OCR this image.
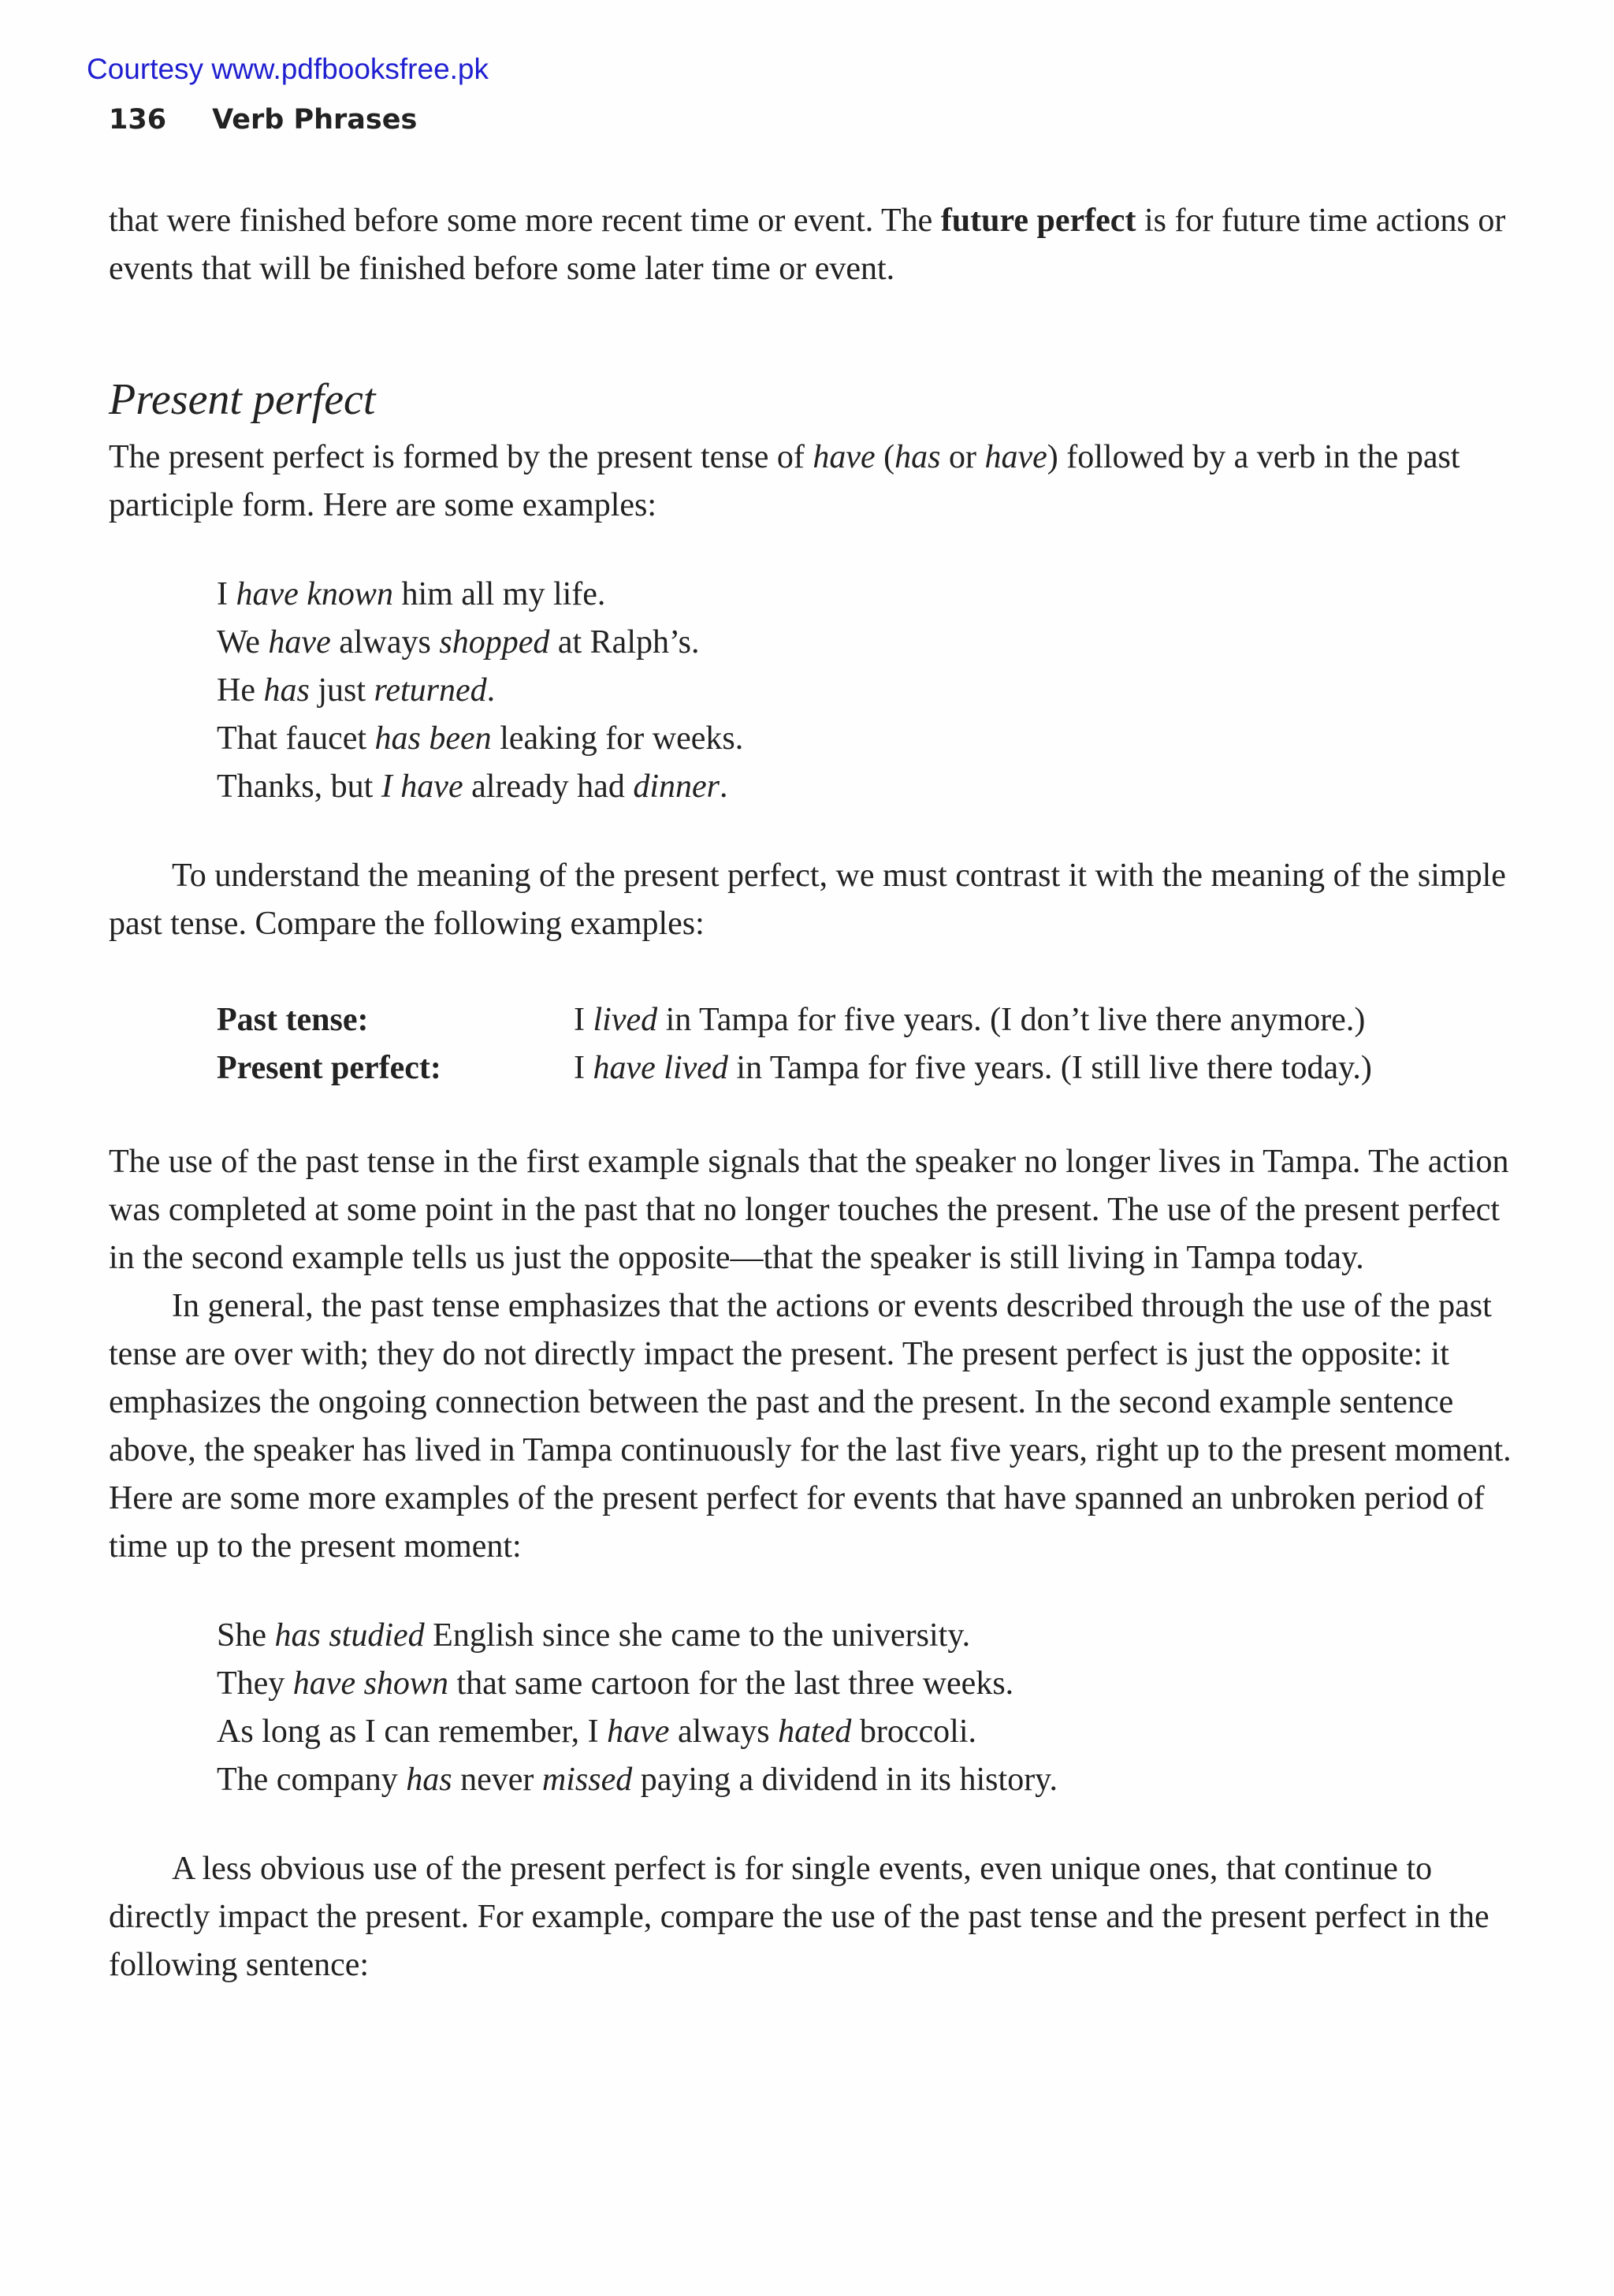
Courtesy www.pdfbooksfree.pk
136 Verb Phrases

that were finished before some more recent time or event. The future perfect is for future time actions or events that will be finished before some later time or event.

Present perfect

The present perfect is formed by the present tense of have (has or have) followed by a verb in the past participle form. Here are some examples:

I have known him all my life.
We have always shopped at Ralph’s.
He has just returned.
That faucet has been leaking for weeks.
Thanks, but I have already had dinner.

To understand the meaning of the present perfect, we must contrast it with the meaning of the simple past tense. Compare the following examples:

Past tense:	I lived in Tampa for five years. (I don’t live there anymore.)
Present perfect:	I have lived in Tampa for five years. (I still live there today.)

The use of the past tense in the first example signals that the speaker no longer lives in Tampa. The action was completed at some point in the past that no longer touches the present. The use of the present perfect in the second example tells us just the opposite—that the speaker is still living in Tampa today.

In general, the past tense emphasizes that the actions or events described through the use of the past tense are over with; they do not directly impact the present. The present perfect is just the opposite: it emphasizes the ongoing connection between the past and the present. In the second example sentence above, the speaker has lived in Tampa continuously for the last five years, right up to the present moment. Here are some more examples of the present perfect for events that have spanned an unbroken period of time up to the present moment:

She has studied English since she came to the university.
They have shown that same cartoon for the last three weeks.
As long as I can remember, I have always hated broccoli.
The company has never missed paying a dividend in its history.

A less obvious use of the present perfect is for single events, even unique ones, that continue to directly impact the present. For example, compare the use of the past tense and the present perfect in the following sentence:
